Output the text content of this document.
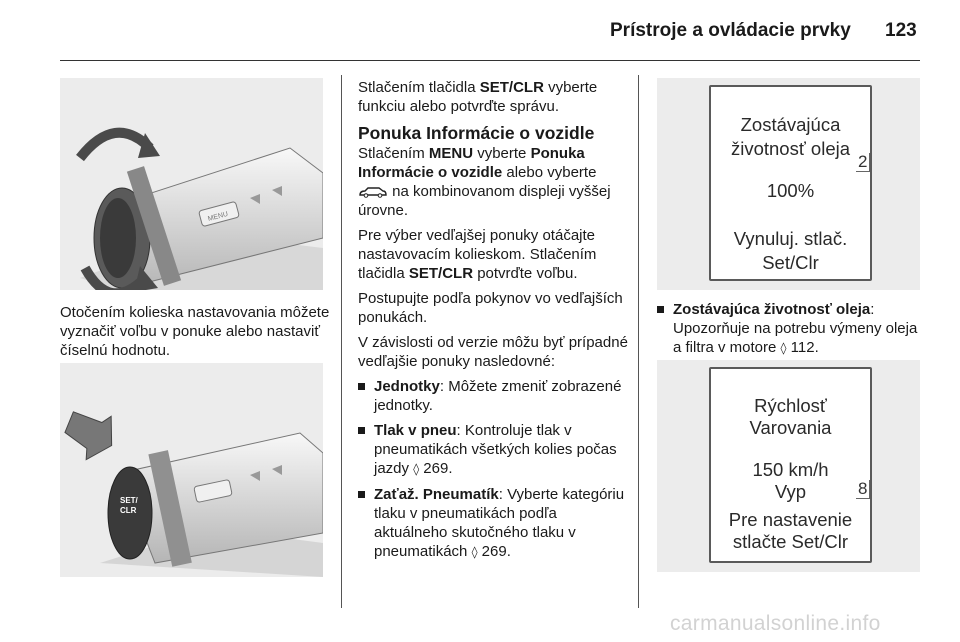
Prístroje a ovládacie prvky 123
MENU

Otočením kolieska nastavovania môžete vyznačiť voľbu v ponuke alebo nastaviť číselnú hodnotu.

SET/
CLR

Stlačením tlačidla SET/CLR vyberte funkciu alebo potvrďte správu.

Ponuka Informácie o vozidle

Stlačením MENU vyberte Ponuka Informácie o vozidle alebo vyberte
na kombinovanom displeji vyššej úrovne.

Pre výber vedľajšej ponuky otáčajte nastavovacím kolieskom. Stlačením tlačidla SET/CLR potvrďte voľbu.

Postupujte podľa pokynov vo vedľajších ponukách.

V závislosti od verzie môžu byť prípadné vedľajšie ponuky nasledovné:

Jednotky: Môžete zmeniť zobrazené jednotky.
Tlak v pneu: Kontroluje tlak v pneumatikách všetkých kolies počas jazdy ◊ 269.
Zaťaž. Pneumatík: Vyberte kategóriu tlaku v pneumatikách podľa aktuálneho skutočného tlaku v pneumatikách ◊ 269.
Zostávajúca
životnosť oleja
100%
Vynuluj. stlač.
Set/Clr
2
Zostávajúca životnosť oleja: Upozorňuje na potrebu výmeny oleja a filtra v motore ◊ 112.
Rýchlosť
Varovania
150 km/h
Vyp
Pre nastavenie
stlačte Set/Clr
8
carmanualsonline.info
